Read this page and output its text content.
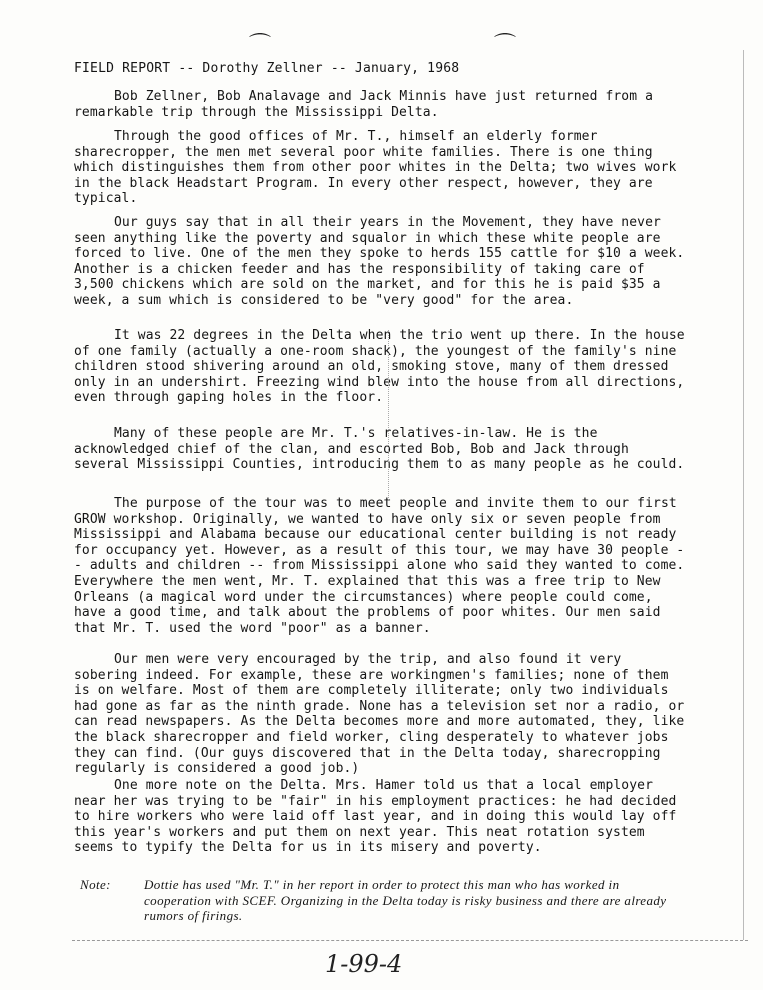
⌒	⌒
FIELD REPORT -- Dorothy Zellner -- January, 1968

Bob Zellner, Bob Analavage and Jack Minnis have just returned from a remarkable trip through the Mississippi Delta.

Through the good offices of Mr. T., himself an elderly former sharecropper, the men met several poor white families. There is one thing which distinguishes them from other poor whites in the Delta; two wives work in the black Headstart Program. In every other respect, however, they are typical.

Our guys say that in all their years in the Movement, they have never seen anything like the poverty and squalor in which these white people are forced to live. One of the men they spoke to herds 155 cattle for $10 a week. Another is a chicken feeder and has the responsibility of taking care of 3,500 chickens which are sold on the market, and for this he is paid $35 a week, a sum which is considered to be "very good" for the area.

It was 22 degrees in the Delta when the trio went up there. In the house of one family (actually a one-room shack), the youngest of the family's nine children stood shivering around an old, smoking stove, many of them dressed only in an undershirt. Freezing wind blew into the house from all directions, even through gaping holes in the floor.

Many of these people are Mr. T.'s relatives-in-law. He is the acknowledged chief of the clan, and escorted Bob, Bob and Jack through several Mississippi Counties, introducing them to as many people as he could.

The purpose of the tour was to meet people and invite them to our first GROW workshop. Originally, we wanted to have only six or seven people from Mississippi and Alabama because our educational center building is not ready for occupancy yet. However, as a result of this tour, we may have 30 people -- adults and children -- from Mississippi alone who said they wanted to come. Everywhere the men went, Mr. T. explained that this was a free trip to New Orleans (a magical word under the circumstances) where people could come, have a good time, and talk about the problems of poor whites. Our men said that Mr. T. used the word "poor" as a banner.

Our men were very encouraged by the trip, and also found it very sobering indeed. For example, these are workingmen's families; none of them is on welfare. Most of them are completely illiterate; only two individuals had gone as far as the ninth grade. None has a television set nor a radio, or can read newspapers. As the Delta becomes more and more automated, they, like the black sharecropper and field worker, cling desperately to whatever jobs they can find. (Our guys discovered that in the Delta today, sharecropping regularly is considered a good job.)

One more note on the Delta. Mrs. Hamer told us that a local employer near her was trying to be "fair" in his employment practices: he had decided to hire workers who were laid off last year, and in doing this would lay off this year's workers and put them on next year. This neat rotation system seems to typify the Delta for us in its misery and poverty.

Note:	Dottie has used "Mr. T." in her report in order to protect this man who has worked in cooperation with SCEF. Organizing in the Delta today is risky business and there are already rumors of firings.
1-99-4
